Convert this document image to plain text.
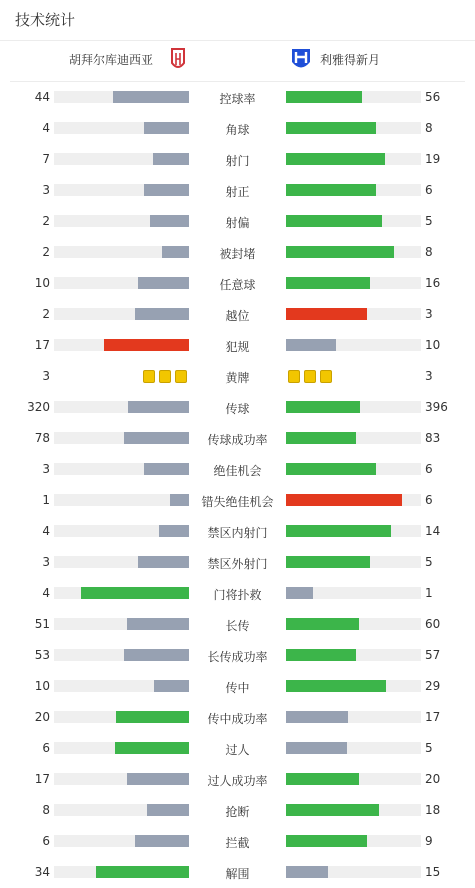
技术统计
胡拜尔库迪西亚	利雅得新月
44	控球率	56
4	角球	8
7	射门	19
3	射正	6
2	射偏	5
2	被封堵	8
10	任意球	16
2	越位	3
17	犯规	10
3	黄牌	3
320	传球	396
78	传球成功率	83
3	绝佳机会	6
1	错失绝佳机会	6
4	禁区内射门	14
3	禁区外射门	5
4	门将扑救	1
51	长传	60
53	长传成功率	57
10	传中	29
20	传中成功率	17
6	过人	5
17	过人成功率	20
8	抢断	18
6	拦截	9
34	解围	15
